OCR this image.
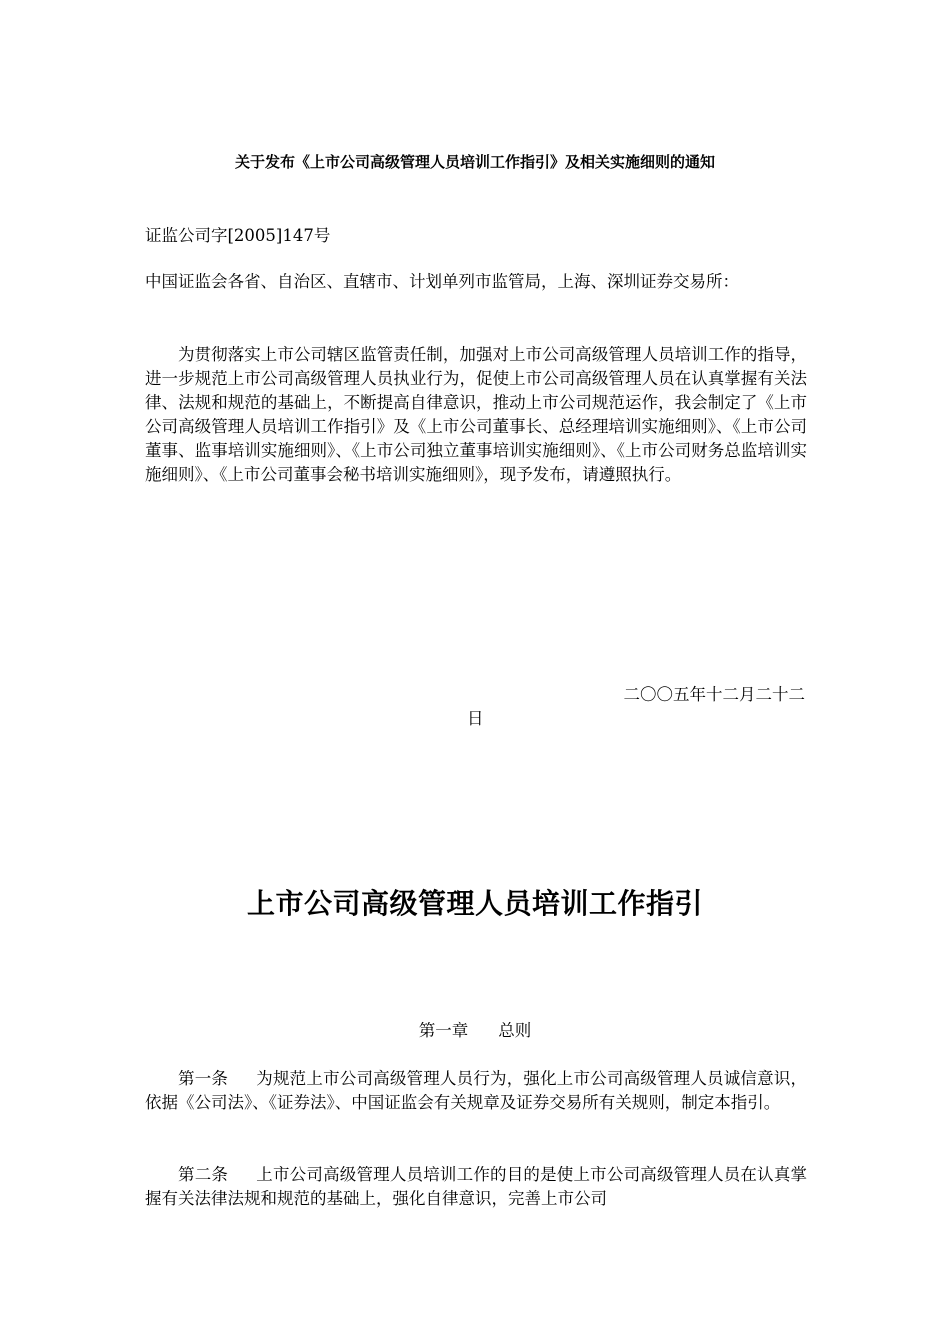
关于发布《上市公司高级管理人员培训工作指引》及相关实施细则的通知

证监公司字[2005]147号

中国证监会各省、自治区、直辖市、计划单列市监管局，上海、深圳证券交易所：

为贯彻落实上市公司辖区监管责任制，加强对上市公司高级管理人员培训工作的指导，进一步规范上市公司高级管理人员执业行为，促使上市公司高级管理人员在认真掌握有关法律、法规和规范的基础上，不断提高自律意识，推动上市公司规范运作，我会制定了《上市公司高级管理人员培训工作指引》及《上市公司董事长、总经理培训实施细则》、《上市公司董事、监事培训实施细则》、《上市公司独立董事培训实施细则》、《上市公司财务总监培训实施细则》、《上市公司董事会秘书培训实施细则》，现予发布，请遵照执行。

二〇〇五年十二月二十二

日

上市公司高级管理人员培训工作指引

第一章 总则

第一条 为规范上市公司高级管理人员行为，强化上市公司高级管理人员诚信意识，依据《公司法》、《证券法》、中国证监会有关规章及证券交易所有关规则，制定本指引。

第二条 上市公司高级管理人员培训工作的目的是使上市公司高级管理人员在认真掌握有关法律法规和规范的基础上，强化自律意识，完善上市公司
